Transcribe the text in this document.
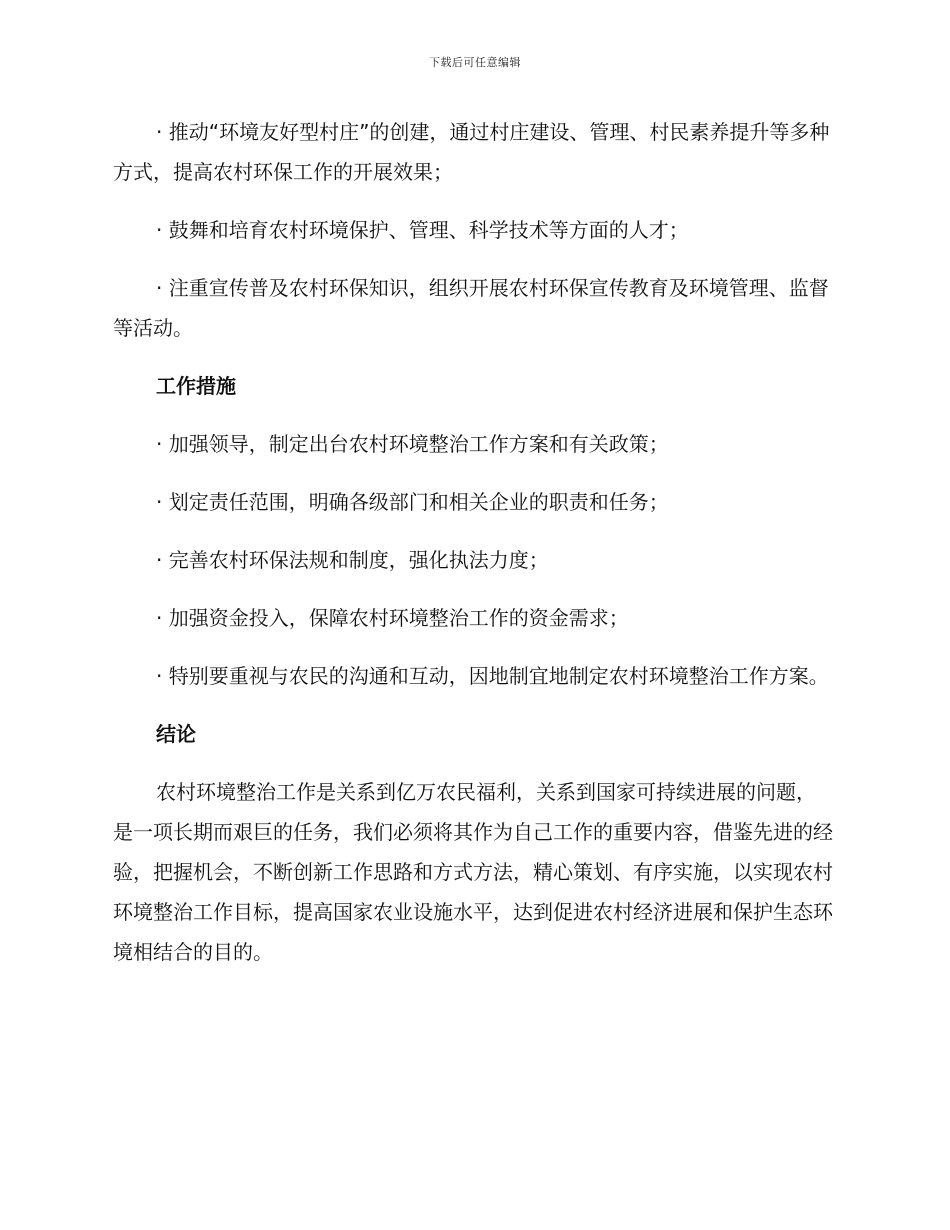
下载后可任意编辑

· 推动“环境友好型村庄”的创建，通过村庄建设、管理、村民素养提升等多种方式，提高农村环保工作的开展效果；

· 鼓舞和培育农村环境保护、管理、科学技术等方面的人才；

· 注重宣传普及农村环保知识，组织开展农村环保宣传教育及环境管理、监督等活动。

工作措施

· 加强领导，制定出台农村环境整治工作方案和有关政策；

· 划定责任范围，明确各级部门和相关企业的职责和任务；

· 完善农村环保法规和制度，强化执法力度；

· 加强资金投入，保障农村环境整治工作的资金需求；

· 特别要重视与农民的沟通和互动，因地制宜地制定农村环境整治工作方案。

结论

农村环境整治工作是关系到亿万农民福利，关系到国家可持续进展的问题，是一项长期而艰巨的任务，我们必须将其作为自己工作的重要内容，借鉴先进的经验，把握机会，不断创新工作思路和方式方法，精心策划、有序实施，以实现农村环境整治工作目标，提高国家农业设施水平，达到促进农村经济进展和保护生态环境相结合的目的。
